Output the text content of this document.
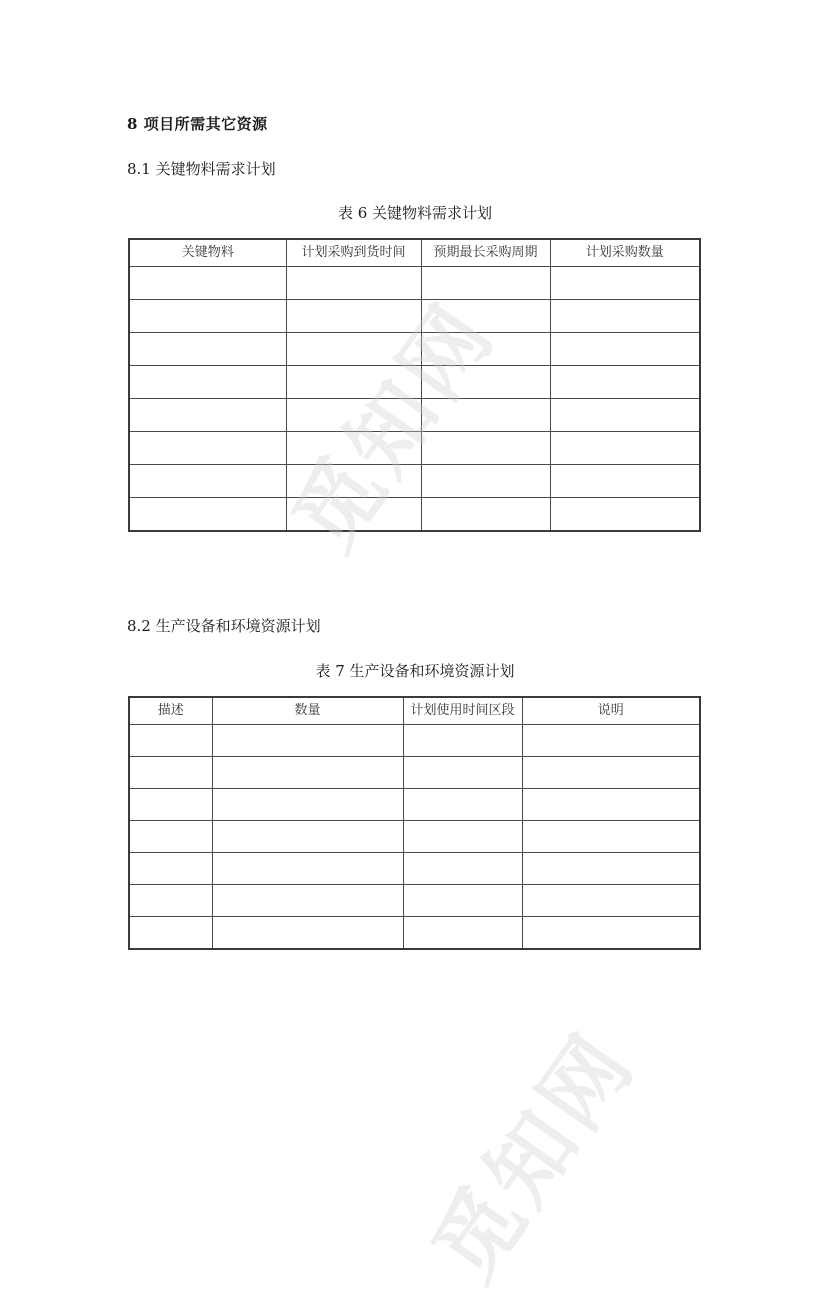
8 项目所需其它资源
8.1 关键物料需求计划
表 6 关键物料需求计划
关键物料	计划采购到货时间	预期最长采购周期	计划采购数量

8.2 生产设备和环境资源计划
表 7 生产设备和环境资源计划
描述	数量	计划使用时间区段	说明

觅知网
觅知网
